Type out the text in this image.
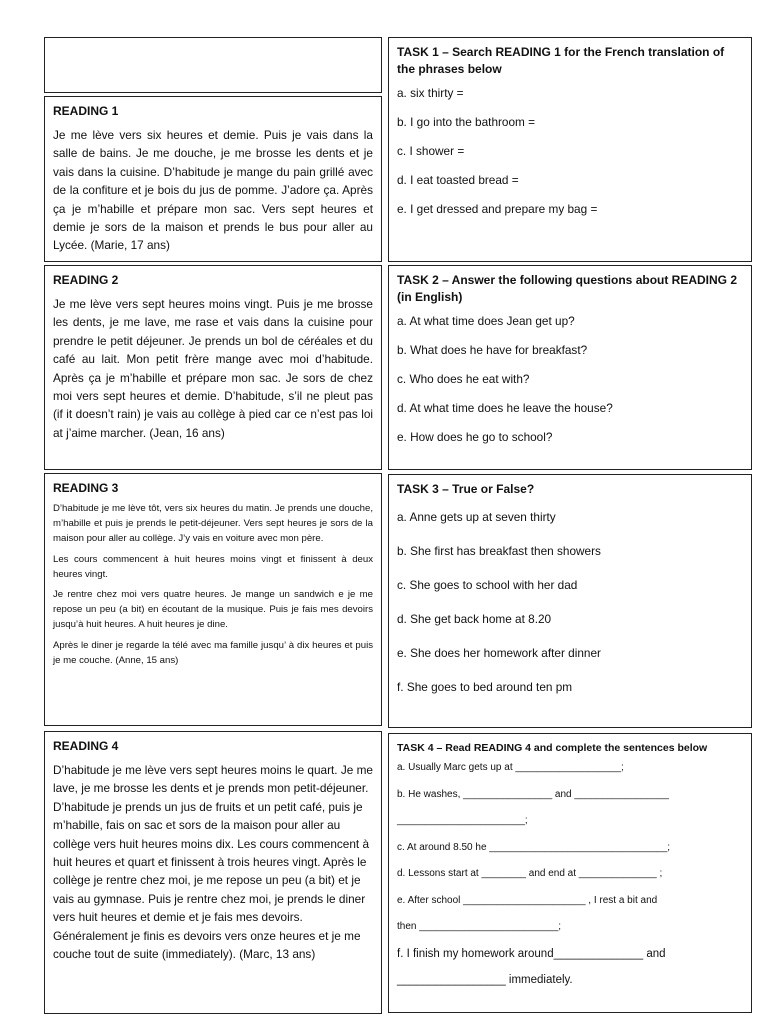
READING 1

Je me lève vers six heures et demie. Puis je vais dans la salle de bains. Je me douche, je me brosse les dents et je vais dans la cuisine. D’habitude je mange du pain grillé avec de la confiture et je bois du jus de pomme. J’adore ça. Après ça je m’habille et prépare mon sac. Vers sept heures et demie je sors de la maison et prends le bus pour aller au Lycée. (Marie, 17 ans)

READING 2

Je me lève vers sept heures moins vingt. Puis je me brosse les dents, je me lave, me rase et vais dans la cuisine pour prendre le petit déjeuner. Je prends un bol de céréales et du café au lait. Mon petit frère mange avec moi d’habitude. Après ça je m’habille et prépare mon sac. Je sors de chez moi vers sept heures et demie. D’habitude, s’il ne pleut pas (if it doesn’t rain) je vais au collège à pied car ce n’est pas loi at j’aime marcher. (Jean, 16 ans)

READING 3

D’habitude je me lève tôt, vers six heures du matin. Je prends une douche, m’habille et puis je prends le petit-déjeuner. Vers sept heures je sors de la maison pour aller au collège. J’y vais en voiture avec mon père.

Les cours commencent à huit heures moins vingt et finissent à deux heures vingt.

Je rentre chez moi vers quatre heures. Je mange un sandwich e je me repose un peu (a bit) en écoutant de la musique. Puis je fais mes devoirs jusqu’à huit heures. A huit heures je dine.

Après le diner je regarde la télé avec ma famille jusqu’ à dix heures et puis je me couche. (Anne, 15 ans)

READING 4

D’habitude je me lève vers sept heures moins le quart. Je me lave, je me brosse les dents et je prends mon petit-déjeuner. D’habitude je prends un jus de fruits et un petit café, puis je m’habille, fais on sac et sors de la maison pour aller au collège vers huit heures moins dix. Les cours commencent à huit heures et quart et finissent à trois heures vingt. Après le collège je rentre chez moi, je me repose un peu (a bit) et je vais au gymnase. Puis je rentre chez moi, je prends le diner vers huit heures et demie et je fais mes devoirs. Généralement je finis es devoirs vers onze heures et je me couche tout de suite (immediately). (Marc, 13 ans)

TASK 1 – Search READING 1 for the French translation of the phrases below
a. six thirty =
b. I go into the bathroom =
c. I shower =
d. I eat toasted bread =
e. I get dressed and prepare my bag =
TASK 2 – Answer the following questions about READING 2 (in English)
a. At what time does Jean get up?
b. What does he have for breakfast?
c. Who does he eat with?
d. At what time does he leave the house?
e. How does he go to school?
TASK 3 – True or False?
a. Anne gets up at seven thirty
b. She first has breakfast then showers
c. She goes to school with her dad
d. She get back home at 8.20
e. She does her homework after dinner
f. She goes to bed around ten pm
TASK 4 – Read READING 4 and complete the sentences below
a. Usually Marc gets up at ___________________;
b. He washes, ________________ and _________________
_______________________;
c. At around 8.50 he ________________________________;
d. Lessons start at ________ and end at ______________ ;
e. After school ______________________ , I rest a bit and
then _________________________;
f. I finish my homework around______________ and
_________________ immediately.
